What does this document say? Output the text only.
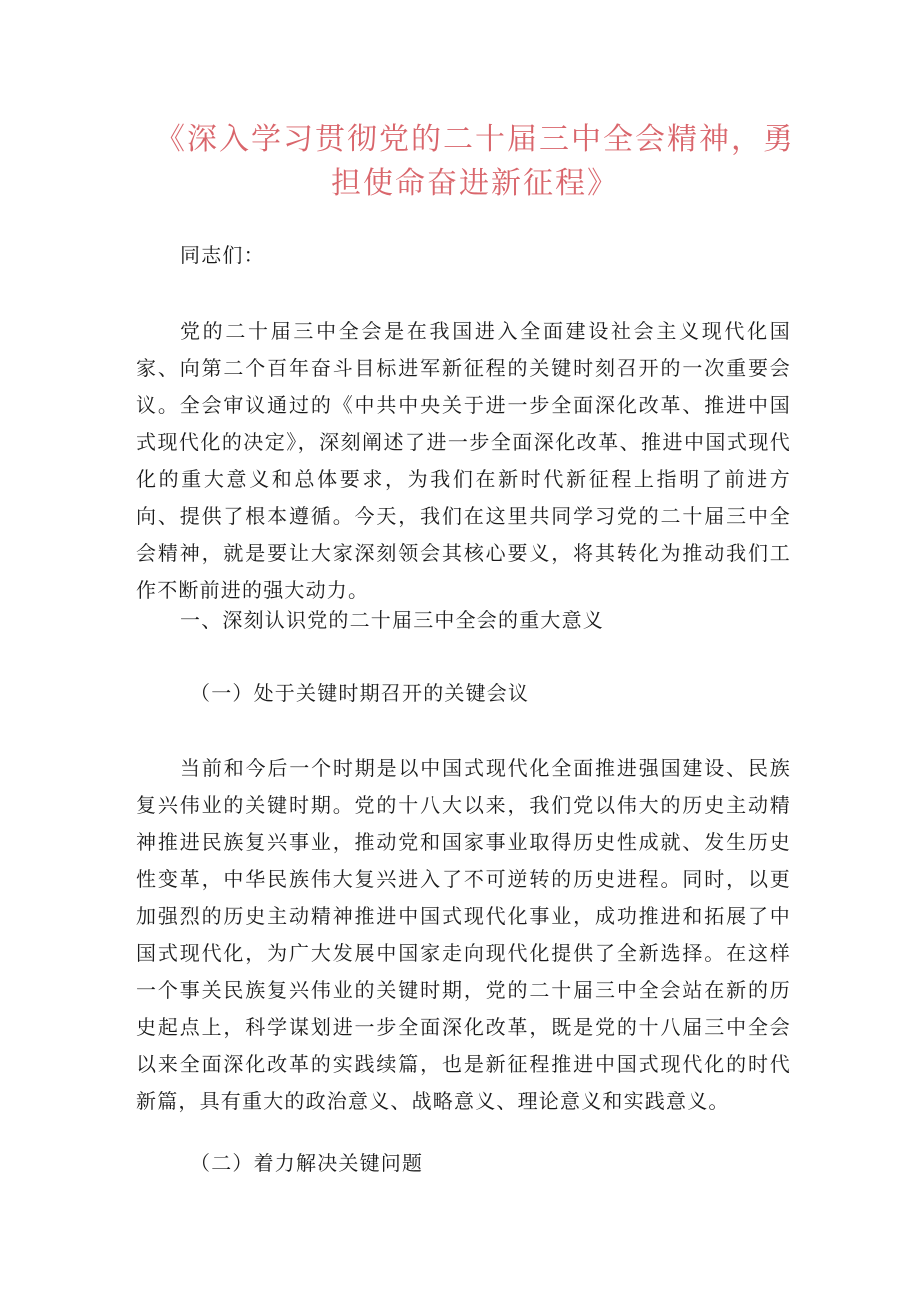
《深入学习贯彻党的二十届三中全会精神，勇担使命奋进新征程》
同志们：
党的二十届三中全会是在我国进入全面建设社会主义现代化国家、向第二个百年奋斗目标进军新征程的关键时刻召开的一次重要会议。全会审议通过的《中共中央关于进一步全面深化改革、推进中国式现代化的决定》，深刻阐述了进一步全面深化改革、推进中国式现代化的重大意义和总体要求，为我们在新时代新征程上指明了前进方向、提供了根本遵循。今天，我们在这里共同学习党的二十届三中全会精神，就是要让大家深刻领会其核心要义，将其转化为推动我们工作不断前进的强大动力。
一、深刻认识党的二十届三中全会的重大意义
（一）处于关键时期召开的关键会议
当前和今后一个时期是以中国式现代化全面推进强国建设、民族复兴伟业的关键时期。党的十八大以来，我们党以伟大的历史主动精神推进民族复兴事业，推动党和国家事业取得历史性成就、发生历史性变革，中华民族伟大复兴进入了不可逆转的历史进程。同时，以更加强烈的历史主动精神推进中国式现代化事业，成功推进和拓展了中国式现代化，为广大发展中国家走向现代化提供了全新选择。在这样一个事关民族复兴伟业的关键时期，党的二十届三中全会站在新的历史起点上，科学谋划进一步全面深化改革，既是党的十八届三中全会以来全面深化改革的实践续篇，也是新征程推进中国式现代化的时代新篇，具有重大的政治意义、战略意义、理论意义和实践意义。
（二）着力解决关键问题
